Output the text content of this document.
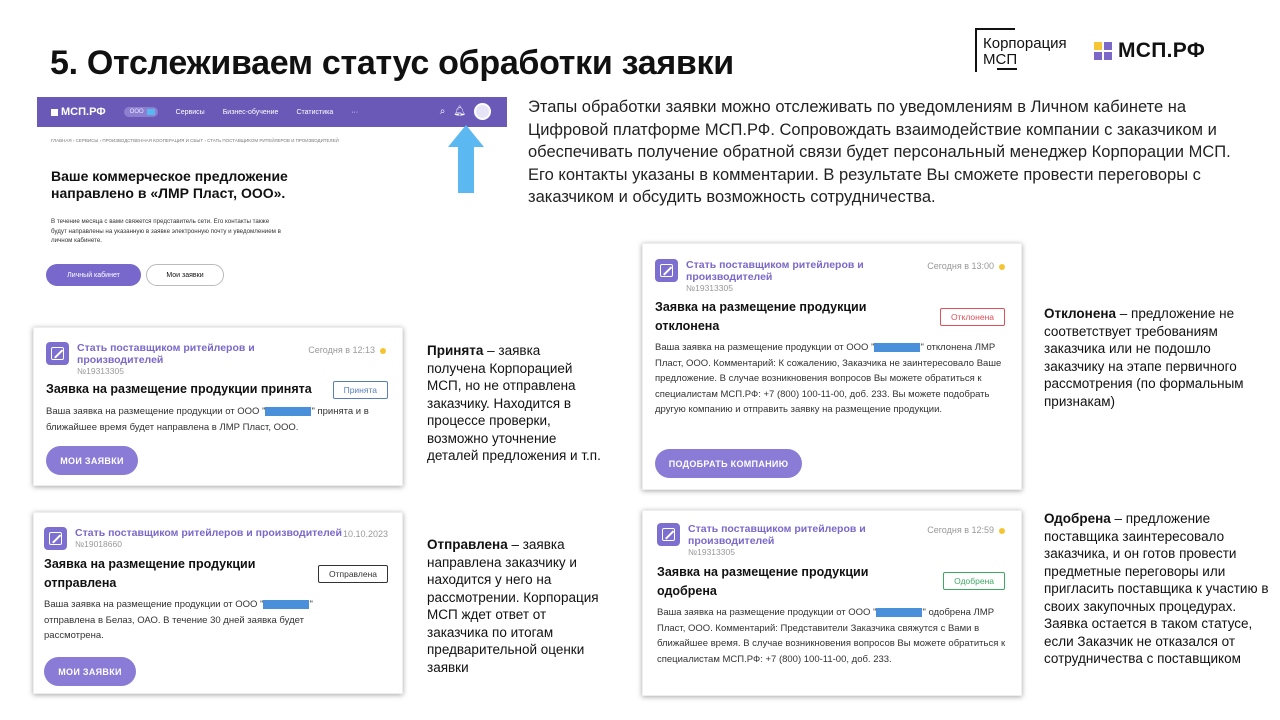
5. Отслеживаем статус обработки заявки
Корпорация
МСП	МСП.РФ
Этапы обработки заявки можно отслеживать по уведомлениям в Личном кабинете на Цифровой платформе МСП.РФ. Сопровождать взаимодействие компании с заказчиком и обеспечивать получение обратной связи будет персональный менеджер Корпорации МСП. Его контакты указаны в комментарии. В результате Вы сможете провести переговоры с заказчиком и обсудить возможность сотрудничества.
МСП.РФ	ООО	Сервисы	Бизнес-обучение	Статистика	···	⌕ 🔔︎
ГЛАВНАЯ › СЕРВИСЫ › ПРОИЗВОДСТВЕННАЯ КООПЕРАЦИЯ И СБЫТ › СТАТЬ ПОСТАВЩИКОМ РИТЕЙЛЕРОВ И ПРОИЗВОДИТЕЛЕЙ
Ваше коммерческое предложение направлено в «ЛМР Пласт, ООО».
В течение месяца с вами свяжется представитель сети. Его контакты также будут направлены на указанную в заявке электронную почту и уведомлением в личном кабинете.
Личный кабинет	Мои заявки
Стать поставщиком ритейлеров и производителей
№19313305
Сегодня в 12:13
Заявка на размещение продукции принята	Принята
Ваша заявка на размещение продукции от ООО "	" принята и в ближайшее время будет направлена в ЛМР Пласт, ООО.
МОИ ЗАЯВКИ
Стать поставщиком ритейлеров и производителей
№19018660
10.10.2023
Заявка на размещение продукции отправлена
Отправлена
Ваша заявка на размещение продукции от ООО "	" отправлена в Белаз, ОАО. В течение 30 дней заявка будет рассмотрена.
МОИ ЗАЯВКИ
Стать поставщиком ритейлеров и производителей
№19313305
Сегодня в 13:00
Заявка на размещение продукции отклонена
Отклонена
Ваша заявка на размещение продукции от ООО "	" отклонена ЛМР Пласт, ООО. Комментарий: К сожалению, Заказчика не заинтересовало Ваше предложение. В случае возникновения вопросов Вы можете обратиться к специалистам МСП.РФ: +7 (800) 100-11-00, доб. 233. Вы можете подобрать другую компанию и отправить заявку на размещение продукции.
ПОДОБРАТЬ КОМПАНИЮ
Стать поставщиком ритейлеров и производителей
№19313305
Сегодня в 12:59
Заявка на размещение продукции одобрена
Одобрена
Ваша заявка на размещение продукции от ООО "	" одобрена ЛМР Пласт, ООО. Комментарий: Представители Заказчика свяжутся с Вами в ближайшее время. В случае возникновения вопросов Вы можете обратиться к специалистам МСП.РФ: +7 (800) 100-11-00, доб. 233.
Принята – заявка получена Корпорацией МСП, но не отправлена заказчику. Находится в процессе проверки, возможно уточнение деталей предложения и т.п.
Отправлена – заявка направлена заказчику и находится у него на рассмотрении. Корпорация МСП ждет ответ от заказчика по итогам предварительной оценки заявки
Отклонена – предложение не соответствует требованиям заказчика или не подошло заказчику на этапе первичного рассмотрения (по формальным признакам)
Одобрена – предложение поставщика заинтересовало заказчика, и он готов провести предметные переговоры или пригласить поставщика к участию в своих закупочных процедурах. Заявка остается в таком статусе, если Заказчик не отказался от сотрудничества с поставщиком
